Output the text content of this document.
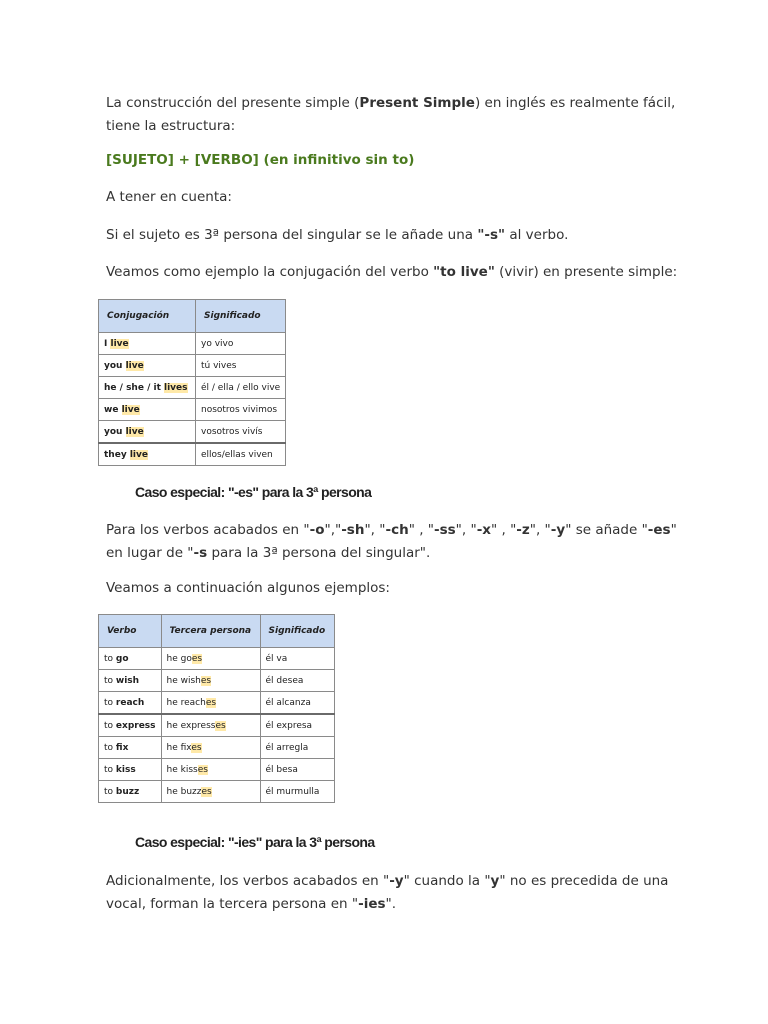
La construcción del presente simple (Present Simple) en inglés es realmente fácil,
tiene la estructura:

[SUJETO] + [VERBO] (en infinitivo sin to)

A tener en cuenta:

Si el sujeto es 3ª persona del singular se le añade una "-s" al verbo.

Veamos como ejemplo la conjugación del verbo "to live" (vivir) en presente simple:

Conjugación	Significado
I live	yo vivo
you live	tú vives
he / she / it lives	él / ella / ello vive
we live	nosotros vivimos
you live	vosotros vivís
they live	ellos/ellas viven

Caso especial: "-es" para la 3ª persona

Para los verbos acabados en "-o","-sh", "-ch" , "-ss", "-x" , "-z", "-y" se añade "-es"
en lugar de "-s para la 3ª persona del singular".

Veamos a continuación algunos ejemplos:

Verbo	Tercera persona	Significado
to go	he goes	él va
to wish	he wishes	él desea
to reach	he reaches	él alcanza
to express	he expresses	él expresa
to fix	he fixes	él arregla
to kiss	he kisses	él besa
to buzz	he buzzes	él murmulla

Caso especial: "-ies" para la 3ª persona

Adicionalmente, los verbos acabados en "-y" cuando la "y" no es precedida de una
vocal, forman la tercera persona en "-ies".
